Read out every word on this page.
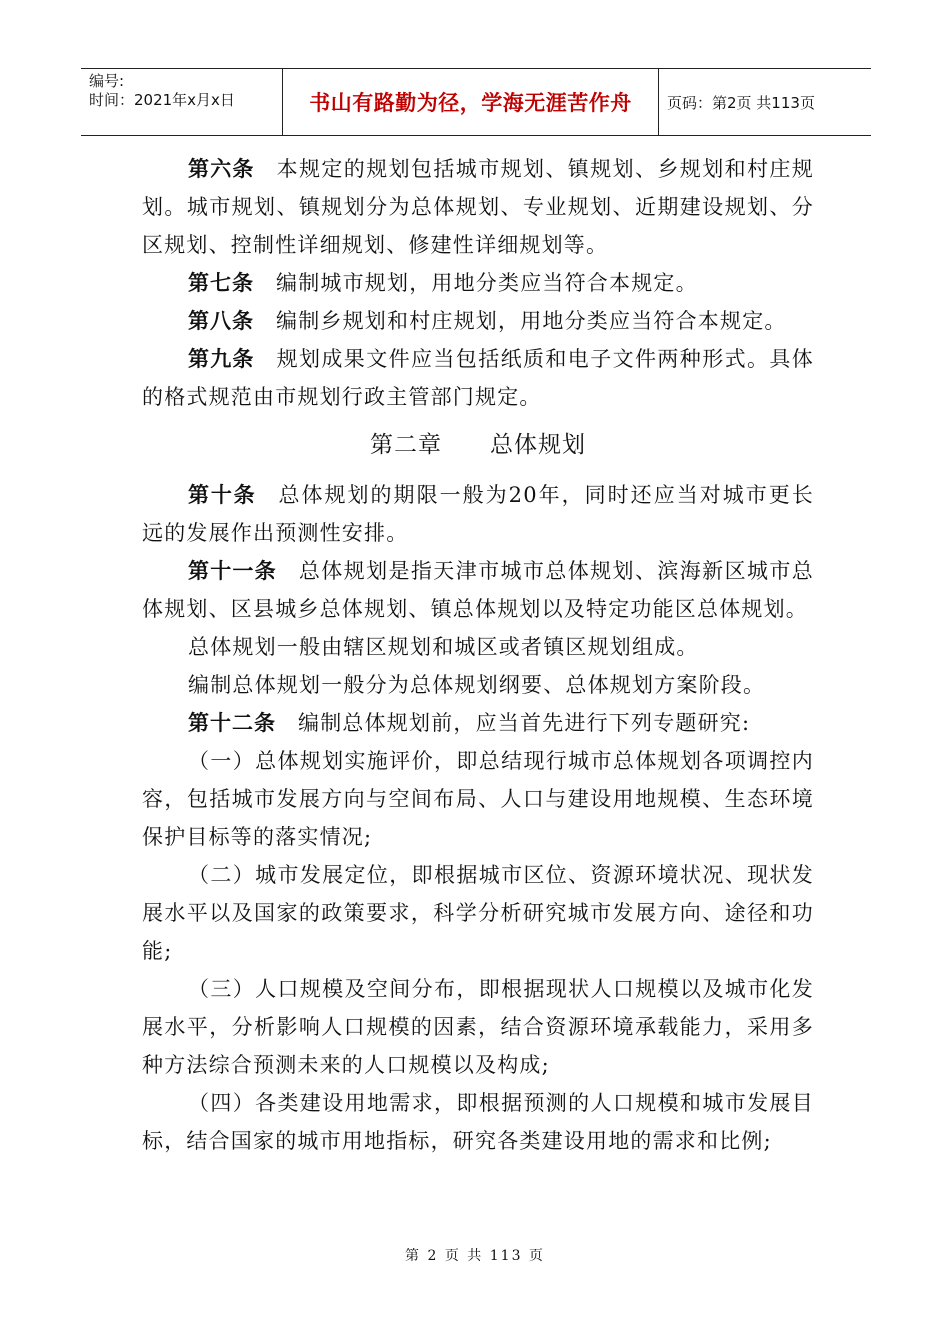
编号:
时间：2021年x月x日	书山有路勤为径，学海无涯苦作舟	页码：第2页 共113页

第六条 本规定的规划包括城市规划、镇规划、乡规划和村庄规划。城市规划、镇规划分为总体规划、专业规划、近期建设规划、分区规划、控制性详细规划、修建性详细规划等。

第七条 编制城市规划，用地分类应当符合本规定。

第八条 编制乡规划和村庄规划，用地分类应当符合本规定。

第九条 规划成果文件应当包括纸质和电子文件两种形式。具体的格式规范由市规划行政主管部门规定。

第二章 总体规划

第十条 总体规划的期限一般为20年，同时还应当对城市更长远的发展作出预测性安排。

第十一条 总体规划是指天津市城市总体规划、滨海新区城市总体规划、区县城乡总体规划、镇总体规划以及特定功能区总体规划。

总体规划一般由辖区规划和城区或者镇区规划组成。

编制总体规划一般分为总体规划纲要、总体规划方案阶段。

第十二条 编制总体规划前，应当首先进行下列专题研究:

（一）总体规划实施评价，即总结现行城市总体规划各项调控内容，包括城市发展方向与空间布局、人口与建设用地规模、生态环境保护目标等的落实情况;

（二）城市发展定位，即根据城市区位、资源环境状况、现状发展水平以及国家的政策要求，科学分析研究城市发展方向、途径和功能;

（三）人口规模及空间分布，即根据现状人口规模以及城市化发展水平，分析影响人口规模的因素，结合资源环境承载能力，采用多种方法综合预测未来的人口规模以及构成;

（四）各类建设用地需求，即根据预测的人口规模和城市发展目标，结合国家的城市用地指标，研究各类建设用地的需求和比例;

第 2 页 共 113 页
